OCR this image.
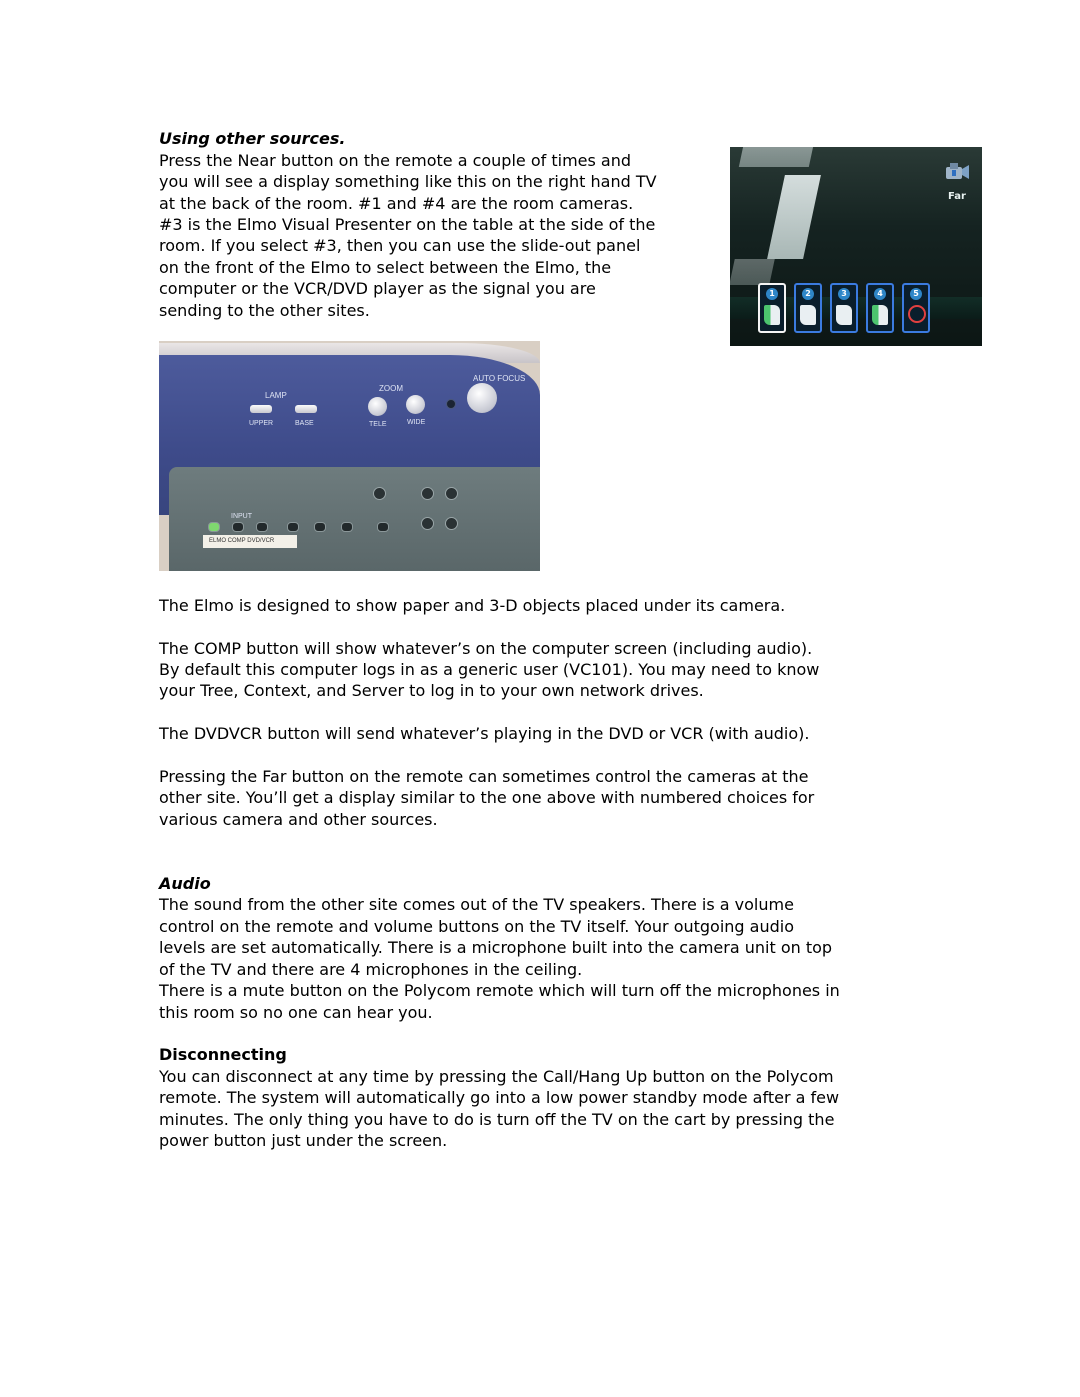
Using other sources.

Press the Near button on the remote a couple of times and

you will see a display something like this on the right hand TV

at the back of the room. #1 and #4 are the room cameras.

#3 is the Elmo Visual Presenter on the table at the side of the

room. If you select #3, then you can use the slide-out panel

on the front of the Elmo to select between the Elmo, the

computer or the VCR/DVD player as the signal you are

sending to the other sites.

Far
1	2	3	4	5
LAMP
ZOOM
AUTO FOCUS
UPPER	BASE	TELE	WIDE
INPUT
ELMO COMP DVD/VCR

The Elmo is designed to show paper and 3-D objects placed under its camera.

The COMP button will show whatever’s on the computer screen (including audio).

By default this computer logs in as a generic user (VC101). You may need to know

your Tree, Context, and Server to log in to your own network drives.

The DVDVCR button will send whatever’s playing in the DVD or VCR (with audio).

Pressing the Far button on the remote can sometimes control the cameras at the

other site. You’ll get a display similar to the one above with numbered choices for

various camera and other sources.

Audio

The sound from the other site comes out of the TV speakers. There is a volume

control on the remote and volume buttons on the TV itself. Your outgoing audio

levels are set automatically. There is a microphone built into the camera unit on top

of the TV and there are 4 microphones in the ceiling.

There is a mute button on the Polycom remote which will turn off the microphones in

this room so no one can hear you.

Disconnecting

You can disconnect at any time by pressing the Call/Hang Up button on the Polycom

remote. The system will automatically go into a low power standby mode after a few

minutes. The only thing you have to do is turn off the TV on the cart by pressing the

power button just under the screen.
